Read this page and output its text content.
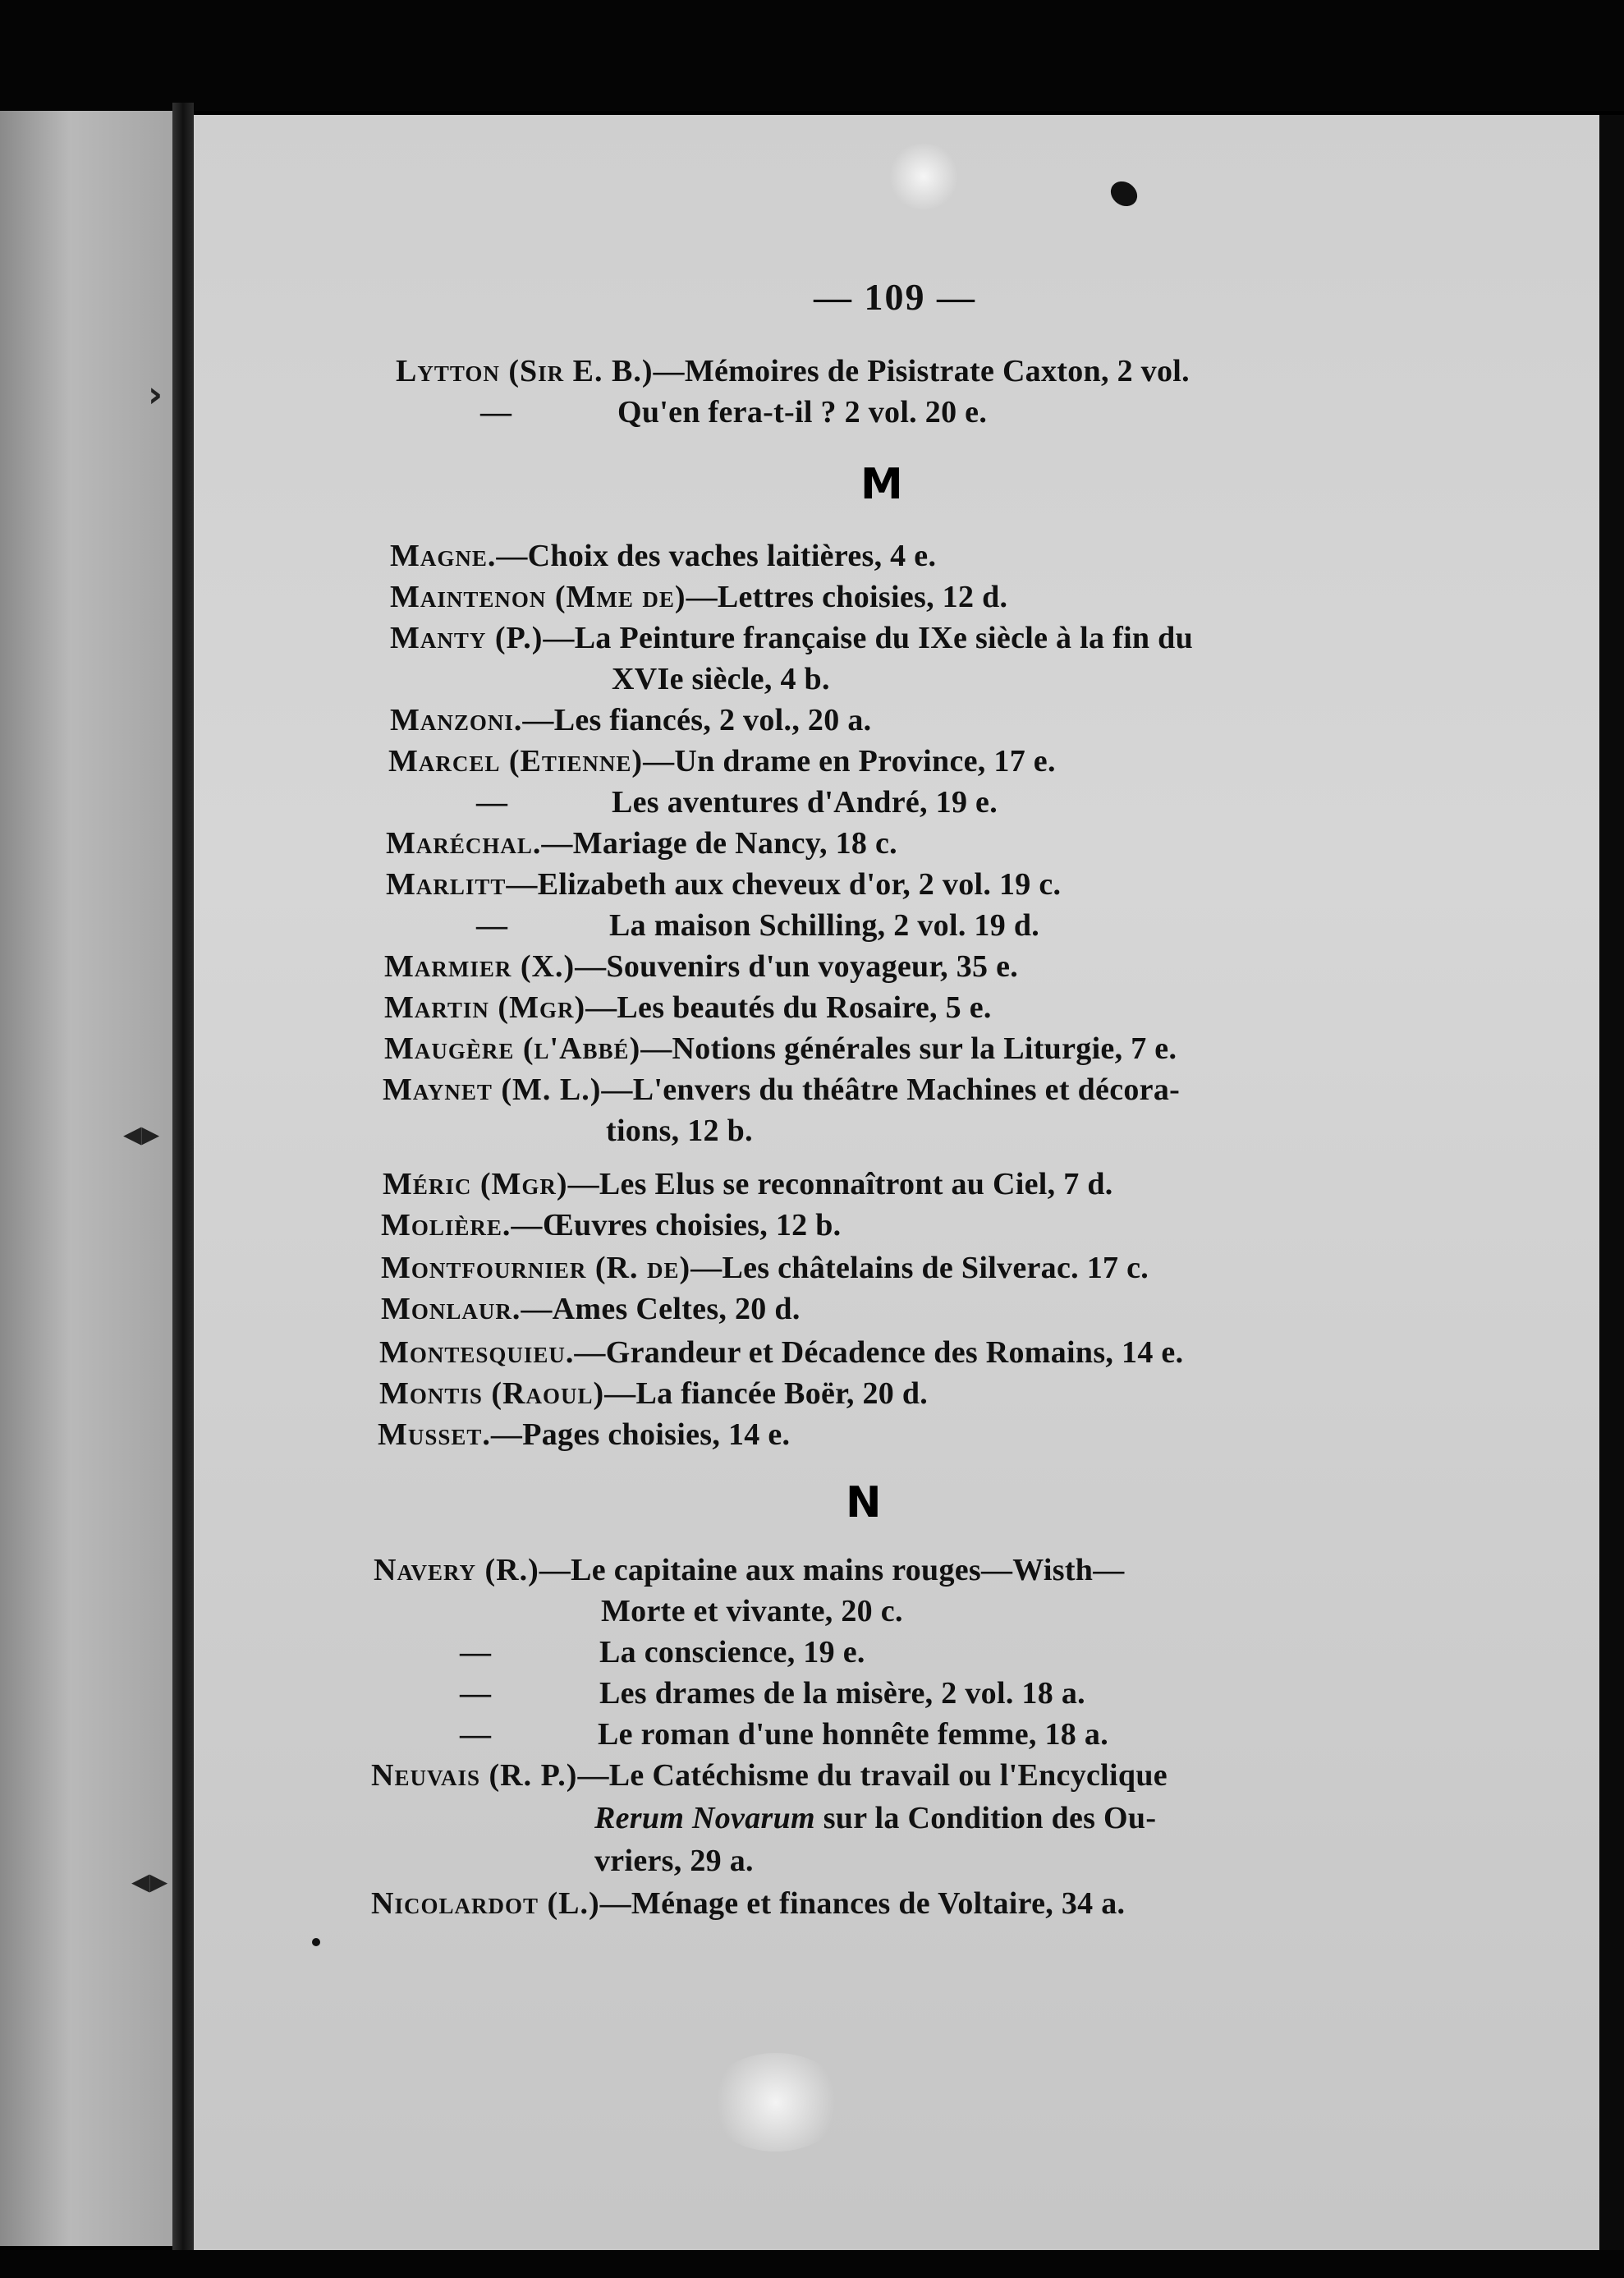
›
◂▸
◂▸
— 109 —
Lytton (Sir E. B.)—Mémoires de Pisistrate Caxton, 2 vol.
—	Qu'en fera-t-il ? 2 vol. 20 e.
M
Magne.—Choix des vaches laitières, 4 e.
Maintenon (Mme de)—Lettres choisies, 12 d.
Manty (P.)—La Peinture française du IXe siècle à la fin du
XVIe siècle, 4 b.
Manzoni.—Les fiancés, 2 vol., 20 a.
Marcel (Etienne)—Un drame en Province, 17 e.
—	Les aventures d'André, 19 e.
Maréchal.—Mariage de Nancy, 18 c.
Marlitt—Elizabeth aux cheveux d'or, 2 vol. 19 c.
—	La maison Schilling, 2 vol. 19 d.
Marmier (X.)—Souvenirs d'un voyageur, 35 e.
Martin (Mgr)—Les beautés du Rosaire, 5 e.
Maugère (l'Abbé)—Notions générales sur la Liturgie, 7 e.
Maynet (M. L.)—L'envers du théâtre Machines et décora-
tions, 12 b.
Méric (Mgr)—Les Elus se reconnaîtront au Ciel, 7 d.
Molière.—Œuvres choisies, 12 b.
Montfournier (R. de)—Les châtelains de Silverac. 17 c.
Monlaur.—Ames Celtes, 20 d.
Montesquieu.—Grandeur et Décadence des Romains, 14 e.
Montis (Raoul)—La fiancée Boër, 20 d.
Musset.—Pages choisies, 14 e.
N
Navery (R.)—Le capitaine aux mains rouges—Wisth—
Morte et vivante, 20 c.
—	La conscience, 19 e.
—	Les drames de la misère, 2 vol. 18 a.
—	Le roman d'une honnête femme, 18 a.
Neuvais (R. P.)—Le Catéchisme du travail ou l'Encyclique
Rerum Novarum sur la Condition des Ou-
vriers, 29 a.
Nicolardot (L.)—Ménage et finances de Voltaire, 34 a.
